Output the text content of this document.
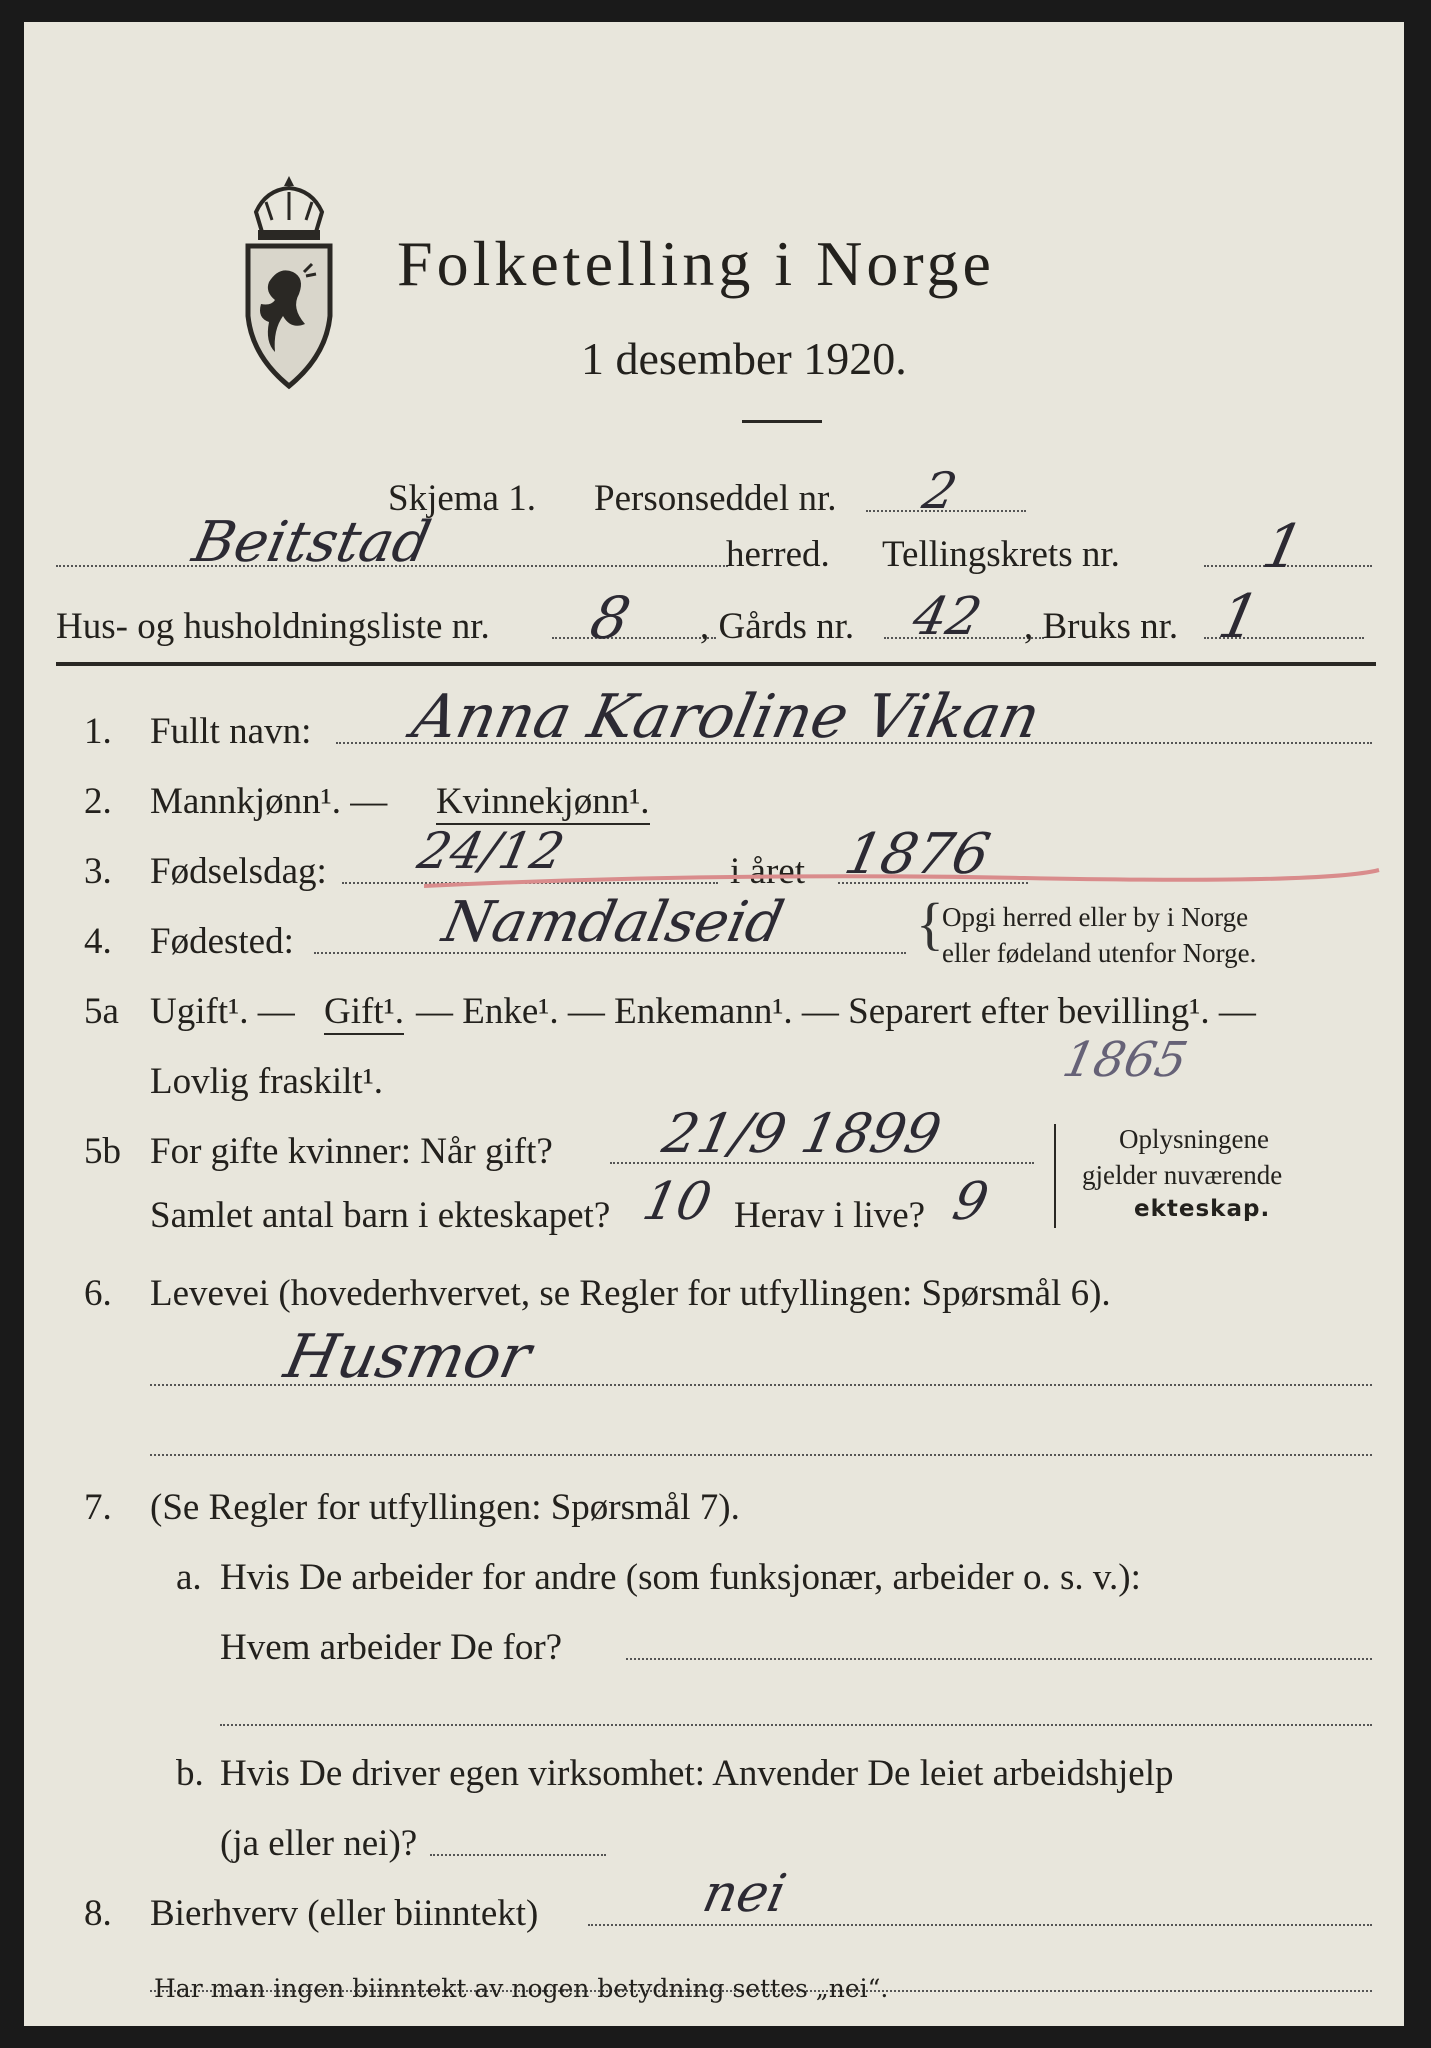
Folketelling i Norge
1 desember 1920.
Skjema 1. Personseddel nr. 2
Beitstad	herred. Tellingskrets nr. 1
Hus- og husholdningsliste nr. 8 , Gårds nr. 42 , Bruks nr. 1
1. Fullt navn: Anna Karoline Vikan
2. Mannkjønn¹. — Kvinnekjønn¹.
3. Fødselsdag: 24/12	i året 1876
4. Fødested:	Namdalseid {
Opgi herred eller by i Norge
eller fødeland utenfor Norge.
5a Ugift¹. — Gift¹. — Enke¹. — Enkemann¹. — Separert efter bevilling¹. —
Lovlig fraskilt¹.	1865
5b For gifte kvinner: Når gift? 21/9 1899
Samlet antal barn i ekteskapet? 10 Herav i live? 9
Oplysningene
gjelder nuværende
ekteskap.
6. Levevei (hovederhvervet, se Regler for utfyllingen: Spørsmål 6).
Husmor
7. (Se Regler for utfyllingen: Spørsmål 7).
a. Hvis De arbeider for andre (som funksjonær, arbeider o. s. v.):
Hvem arbeider De for?
b. Hvis De driver egen virksomhet: Anvender De leiet arbeidshjelp
(ja eller nei)?
8. Bierhverv (eller biinntekt)	nei
Har man ingen biinntekt av nogen betydning settes „nei“.
